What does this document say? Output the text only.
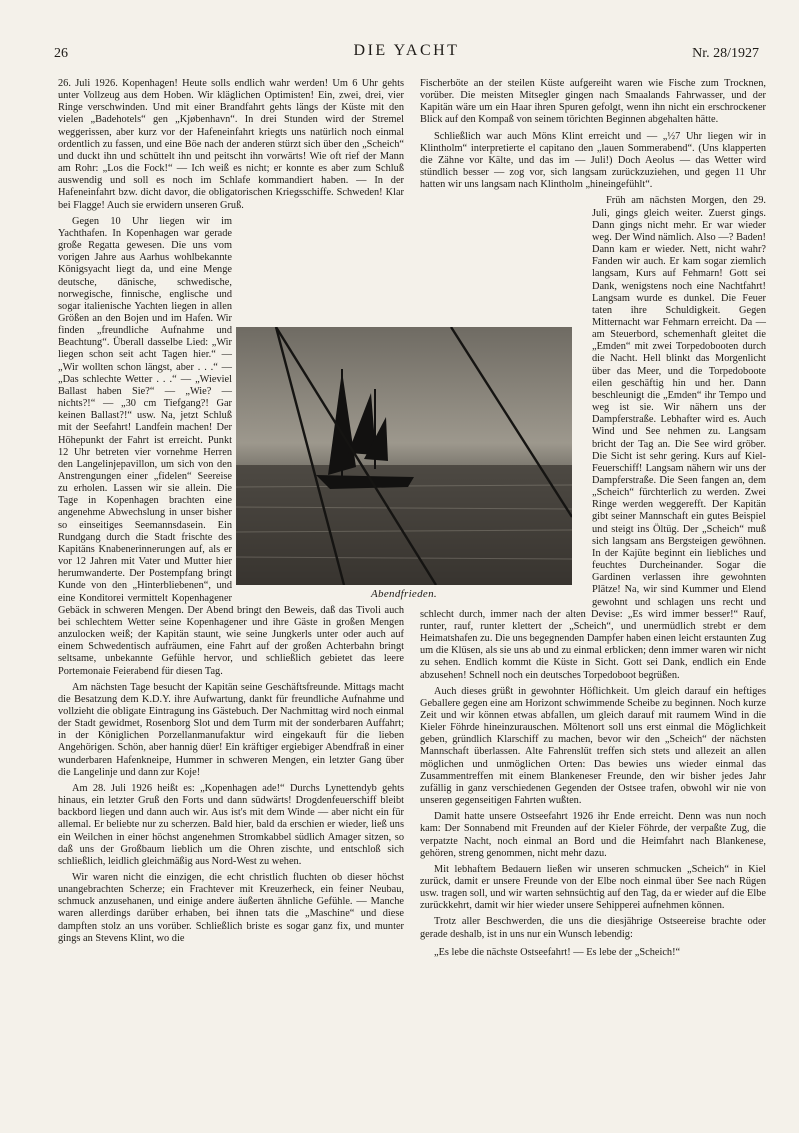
26	DIE YACHT	Nr. 28/1927

26. Juli 1926. Kopenhagen! Heute solls endlich wahr werden! Um 6 Uhr gehts unter Vollzeug aus dem Hoben. Wir kläglichen Optimisten! Ein, zwei, drei, vier Ringe verschwinden. Und mit einer Brandfahrt gehts längs der Küste mit den vielen „Badehotels“ gen „Kjøbenhavn“. In drei Stunden wird der Stremel weggerissen, aber kurz vor der Hafeneinfahrt kriegts uns natürlich noch einmal ordentlich zu fassen, und eine Böe nach der anderen stürzt sich über den „Scheich“ und duckt ihn und schüttelt ihn und peitscht ihn vorwärts! Wie oft rief der Mann am Rohr: „Los die Fock!“ — Ich weiß es nicht; er konnte es aber zum Schluß auswendig und soll es noch im Schlafe kommandiert haben. — In der Hafeneinfahrt bzw. dicht davor, die obligatorischen Kriegsschiffe. Schweden! Klar bei Flagge! Auch sie erwidern unseren Gruß.

Gegen 10 Uhr liegen wir im Yachthafen. In Kopenhagen war gerade große Regatta gewesen. Die uns vom vorigen Jahre aus Aarhus wohlbekannte Königsyacht liegt da, und eine Menge deutsche, dänische, schwedische, norwegische, finnische, englische und sogar italienische Yachten liegen in allen Größen an den Bojen und im Hafen. Wir finden „freundliche Aufnahme und Beachtung“. Überall dasselbe Lied: „Wir liegen schon seit acht Tagen hier.“ — „Wir wollten schon längst, aber . . .“ — „Das schlechte Wetter . . .“ — „Wieviel Ballast haben Sie?“ — „Wie? — nichts?!“ — „30 cm Tiefgang?! Gar keinen Ballast?!“ usw. Na, jetzt Schluß mit der Seefahrt! Landfein machen! Der Höhepunkt der Fahrt ist erreicht. Punkt 12 Uhr betreten vier vornehme Herren den Langelinjepavillon, um sich von den Anstrengungen einer „fidelen“ Seereise zu erholen. Lassen wir sie allein. Die Tage in Kopenhagen brachten eine angenehme Abwechslung in unser bisher so einseitiges Seemannsdasein. Ein Rundgang durch die Stadt frischte des Kapitäns Knabenerinnerungen auf, als er vor 12 Jahren mit Vater und Mutter hier herumwanderte. Der Postempfang bringt Kunde von den „Hinterbliebenen“, und eine Konditorei vermittelt Kopenhagener Gebäck in schweren Mengen. Der Abend bringt den Beweis, daß das Tivoli auch bei schlechtem Wetter seine Kopenhagener und ihre Gäste in großen Mengen anzulocken weiß; der Kapitän staunt, wie seine Jungkerls unter oder auch auf einem Schwedentisch aufräumen, eine Fahrt auf der großen Achterbahn bringt seltsame, unbekannte Gefühle hervor, und schließlich gebietet das leere Portemonaie Feierabend für diesen Tag.

Am nächsten Tage besucht der Kapitän seine Geschäftsfreunde. Mittags macht die Besatzung dem K.D.Y. ihre Aufwartung, dankt für freundliche Aufnahme und vollzieht die obligate Eintragung ins Gästebuch. Der Nachmittag wird noch einmal der Stadt gewidmet, Rosenborg Slot und dem Turm mit der sonderbaren Auffahrt; in der Königlichen Porzellanmanufaktur wird eingekauft für die lieben Angehörigen. Schön, aber hannig düer! Ein kräftiger ergiebiger Abendfraß in einer wunderbaren Hafenkneipe, Hummer in schweren Mengen, ein letzter Gang über die Langelinje und dann zur Koje!

Am 28. Juli 1926 heißt es: „Kopenhagen ade!“ Durchs Lynettendyb gehts hinaus, ein letzter Gruß den Forts und dann südwärts! Drogdenfeuerschiff bleibt backbord liegen und dann auch wir. Aus ist's mit dem Winde — aber nicht ein für allemal. Er beliebte nur zu scherzen. Bald hier, bald da erschien er wieder, ließ uns ein Weilchen in einer höchst angenehmen Stromkabbel südlich Amager sitzen, so daß uns der Großbaum lieblich um die Ohren zischte, und entschloß sich schließlich, leidlich gleichmäßig aus Nord-West zu wehen.

Wir waren nicht die einzigen, die echt christlich fluchten ob dieser höchst unangebrachten Scherze; ein Frachtever mit Kreuzerheck, ein feiner Neubau, schmuck anzusehanen, und einige andere äußerten ähnliche Gefühle. — Manche waren allerdings darüber erhaben, bei ihnen tats die „Maschine“ und diese dampften stolz an uns vorüber. Schließlich briste es sogar ganz fix, und munter gings an Stevens Klint, wo die

Fischerböte an der steilen Küste aufgereiht waren wie Fische zum Trocknen, vorüber. Die meisten Mitsegler gingen nach Smaalands Fahrwasser, und der Kapitän wäre um ein Haar ihren Spuren gefolgt, wenn ihn nicht ein erschrockener Blick auf den Kompaß von seinem törichten Beginnen abgehalten hätte.

Schließlich war auch Möns Klint erreicht und — „½7 Uhr liegen wir in Klintholm“ interpretierte el capitano den „lauen Sommerabend“. (Uns klapperten die Zähne vor Kälte, und das im — Juli!) Doch Aeolus — das Wetter wird stündlich besser — zog vor, sich langsam zurückzuziehen, und gegen 11 Uhr hatten wir uns langsam nach Klintholm „hineingefühlt“.

Früh am nächsten Morgen, den 29. Juli, gings gleich weiter. Zuerst gings. Dann gings nicht mehr. Er war wieder weg. Der Wind nämlich. Also —? Baden! Dann kam er wieder. Nett, nicht wahr? Fanden wir auch. Er kam sogar ziemlich langsam, Kurs auf Fehmarn! Gott sei Dank, wenigstens noch eine Nachtfahrt! Langsam wurde es dunkel. Die Feuer taten ihre Schuldigkeit. Gegen Mitternacht war Fehmarn erreicht. Da — am Steuerbord, schemenhaft gleitet die „Emden“ mit zwei Torpedobooten durch die Nacht. Hell blinkt das Morgenlicht über das Meer, und die Torpedoboote eilen geschäftig hin und her. Dann beschleunigt die „Emden“ ihr Tempo und weg ist sie. Wir nähern uns der Dampferstraße. Lebhafter wird es. Auch Wind und See nehmen zu. Langsam bricht der Tag an. Die See wird gröber. Die Sicht ist sehr gering. Kurs auf Kiel-Feuerschiff! Langsam nähern wir uns der Dampferstraße. Die Seen fangen an, dem „Scheich“ fürchterlich zu werden. Zwei Ringe werden weggerefft. Der Kapitän gibt seiner Mannschaft ein gutes Beispiel und steigt ins Öltüg. Der „Scheich“ muß sich langsam ans Bergsteigen gewöhnen. In der Kajüte beginnt ein liebliches und feuchtes Durcheinander. Sogar die Gardinen verlassen ihre gewohnten Plätze! Na, wir sind Kummer und Elend gewohnt und schlagen uns recht und schlecht durch, immer nach der alten Devise: „Es wird immer besser!“ Rauf, runter, rauf, runter klettert der „Scheich“, und unermüdlich strebt er dem Heimatshafen zu. Die uns begegnenden Dampfer haben einen leicht erstaunten Zug um die Klüsen, als sie uns ab und zu einmal erblicken; denn immer waren wir nicht zu sehen. Endlich kommt die Küste in Sicht. Gott sei Dank, endlich ein Ende abzusehen! Schnell noch ein deutsches Torpedoboot begrüßen.

Auch dieses grüßt in gewohnter Höflichkeit. Um gleich darauf ein heftiges Geballere gegen eine am Horizont schwimmende Scheibe zu beginnen. Noch kurze Zeit und wir können etwas abfallen, um gleich darauf mit raumem Wind in die Kieler Föhrde hineinzurauschen. Möltenort soll uns erst einmal die Möglichkeit geben, gründlich Klarschiff zu machen, bevor wir den „Scheich“ der nächsten Mannschaft überlassen. Alte Fahrenslüt treffen sich stets und allezeit an allen möglichen und unmöglichen Orten: Das bewies uns wieder einmal das Zusammentreffen mit einem Blankeneser Freunde, den wir bisher jedes Jahr zufällig in ganz verschiedenen Gegenden der Ostsee trafen, obwohl wir nie von unseren gegenseitigen Fahrten wußten.

Damit hatte unsere Ostseefahrt 1926 ihr Ende erreicht. Denn was nun noch kam: Der Sonnabend mit Freunden auf der Kieler Föhrde, der verpaßte Zug, die verpatzte Nacht, noch einmal an Bord und die Heimfahrt nach Blankenese, gehören, streng genommen, nicht mehr dazu.

Mit lebhaftem Bedauern ließen wir unseren schmucken „Scheich“ in Kiel zurück, damit er unsere Freunde von der Elbe noch einmal über See nach Rügen usw. tragen soll, und wir warten sehnsüchtig auf den Tag, da er wieder auf die Elbe zurückkehrt, damit wir hier wieder unsere Sehipperei aufnehmen können.

Trotz aller Beschwerden, die uns die diesjährige Ostseereise brachte oder gerade deshalb, ist in uns nur ein Wunsch lebendig:

„Es lebe die nächste Ostseefahrt! — Es lebe der „Scheich!“

Abendfrieden.
